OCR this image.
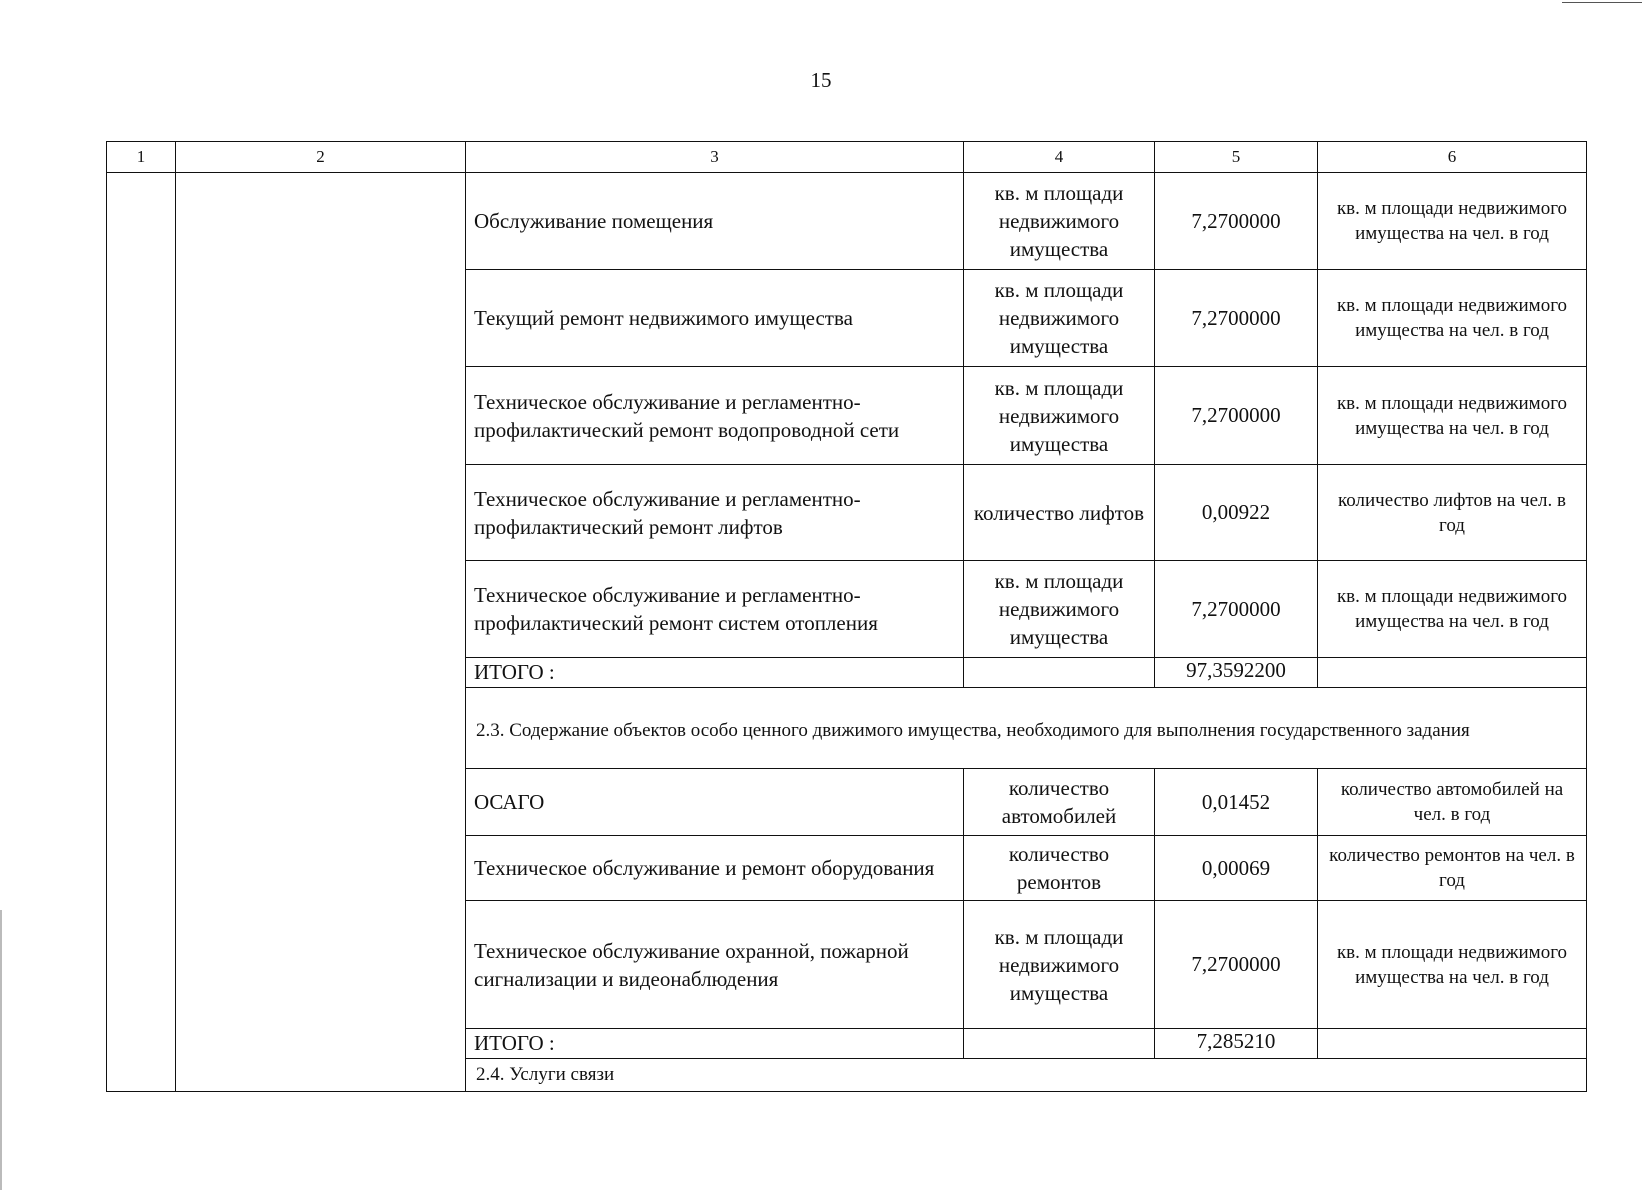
15
1	2	3	4	5	6
		Обслуживание помещения	кв. м площади недвижимого имущества	7,2700000	кв. м площади недвижимого имущества на чел. в год
		Текущий ремонт недвижимого имущества	кв. м площади недвижимого имущества	7,2700000	кв. м площади недвижимого имущества на чел. в год
		Техническое обслуживание и регламентно-профилактический ремонт водопроводной сети	кв. м площади недвижимого имущества	7,2700000	кв. м площади недвижимого имущества на чел. в год
		Техническое обслуживание и регламентно-профилактический ремонт лифтов	количество лифтов	0,00922	количество лифтов на чел. в год
		Техническое обслуживание и регламентно-профилактический ремонт систем отопления	кв. м площади недвижимого имущества	7,2700000	кв. м площади недвижимого имущества на чел. в год
		ИТОГО :		97,3592200	
		2.3. Содержание объектов особо ценного движимого имущества, необходимого для выполнения государственного задания			
		ОСАГО	количество автомобилей	0,01452	количество автомобилей на чел. в год
		Техническое обслуживание и ремонт оборудования	количество ремонтов	0,00069	количество ремонтов на чел. в год
		Техническое обслуживание охранной, пожарной сигнализации и видеонаблюдения	кв. м площади недвижимого имущества	7,2700000	кв. м площади недвижимого имущества на чел. в год
		ИТОГО :		7,285210	
		2.4. Услуги связи			
